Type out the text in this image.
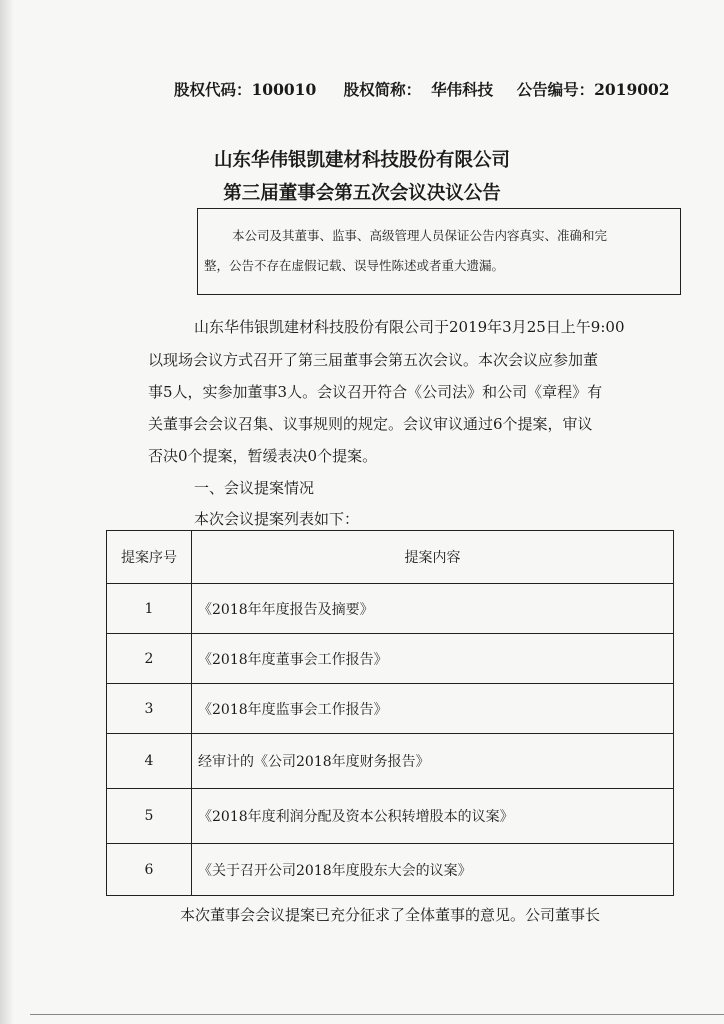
股权代码：100010 股权简称： 华伟科技 公告编号：2019002
山东华伟银凯建材科技股份有限公司
第三届董事会第五次会议决议公告

本公司及其董事、监事、高级管理人员保证公告内容真实、准确和完

整，公告不存在虚假记载、误导性陈述或者重大遗漏。

山东华伟银凯建材科技股份有限公司于2019年3月25日上午9:00
以现场会议方式召开了第三届董事会第五次会议。本次会议应参加董
事5人，实参加董事3人。会议召开符合《公司法》和公司《章程》有
关董事会会议召集、议事规则的规定。会议审议通过6个提案，审议
否决0个提案，暂缓表决0个提案。
一、会议提案情况
本次会议提案列表如下：
提案序号	提案内容
1	《2018年年度报告及摘要》
2	《2018年度董事会工作报告》
3	《2018年度监事会工作报告》
4	经审计的《公司2018年度财务报告》
5	《2018年度利润分配及资本公积转增股本的议案》
6	《关于召开公司2018年度股东大会的议案》
本次董事会会议提案已充分征求了全体董事的意见。公司董事长
